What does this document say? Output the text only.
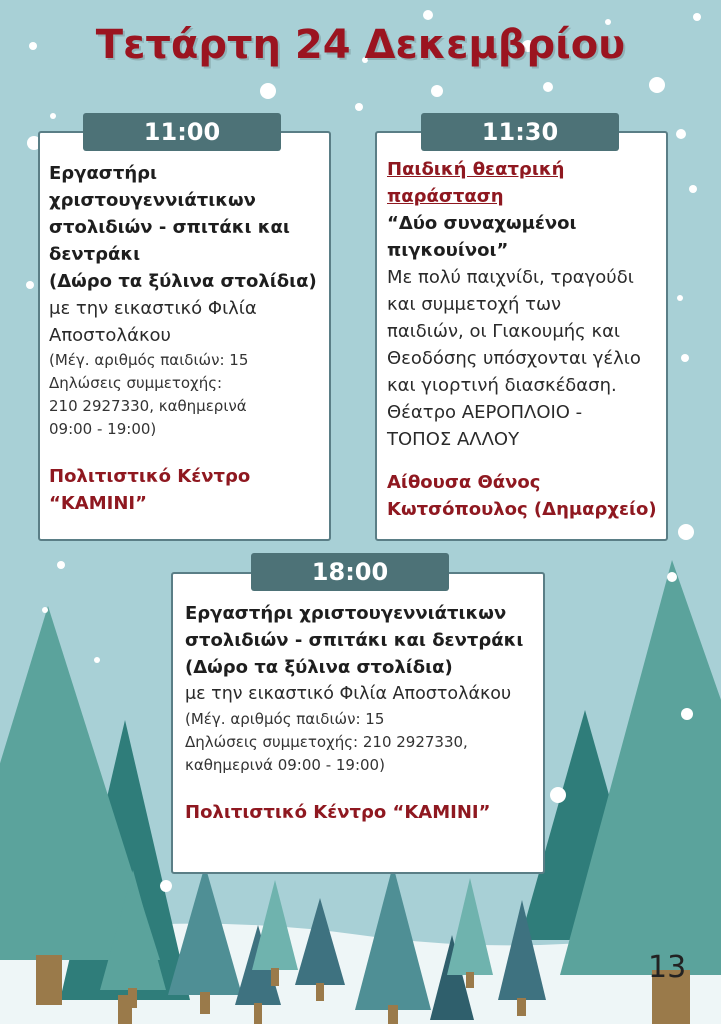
Τετάρτη 24 Δεκεμβρίου
11:00
Εργαστήρι
χριστουγεννιάτικων
στολιδιών - σπιτάκι και
δεντράκι
(Δώρο τα ξύλινα στολίδια)
με την εικαστικό Φιλία
Αποστολάκου
(Μέγ. αριθμός παιδιών: 15
Δηλώσεις συμμετοχής:
210 2927330, καθημερινά
09:00 - 19:00)
Πολιτιστικό Κέντρο
“ΚΑΜΙΝΙ”
11:30
Παιδική θεατρική
παράσταση
“Δύο συναχωμένοι
πιγκουίνοι”
Με πολύ παιχνίδι, τραγούδι
και συμμετοχή των
παιδιών, οι Γιακουμής και
Θεοδόσης υπόσχονται γέλιο
και γιορτινή διασκέδαση.
Θέατρο ΑΕΡΟΠΛΟΙΟ -
ΤΟΠΟΣ ΑΛΛΟΥ
Αίθουσα Θάνος
Κωτσόπουλος (Δημαρχείο)
18:00
Εργαστήρι χριστουγεννιάτικων
στολιδιών - σπιτάκι και δεντράκι
(Δώρο τα ξύλινα στολίδια)
με την εικαστικό Φιλία Αποστολάκου
(Μέγ. αριθμός παιδιών: 15
Δηλώσεις συμμετοχής: 210 2927330,
καθημερινά 09:00 - 19:00)
Πολιτιστικό Κέντρο “ΚΑΜΙΝΙ”
13
